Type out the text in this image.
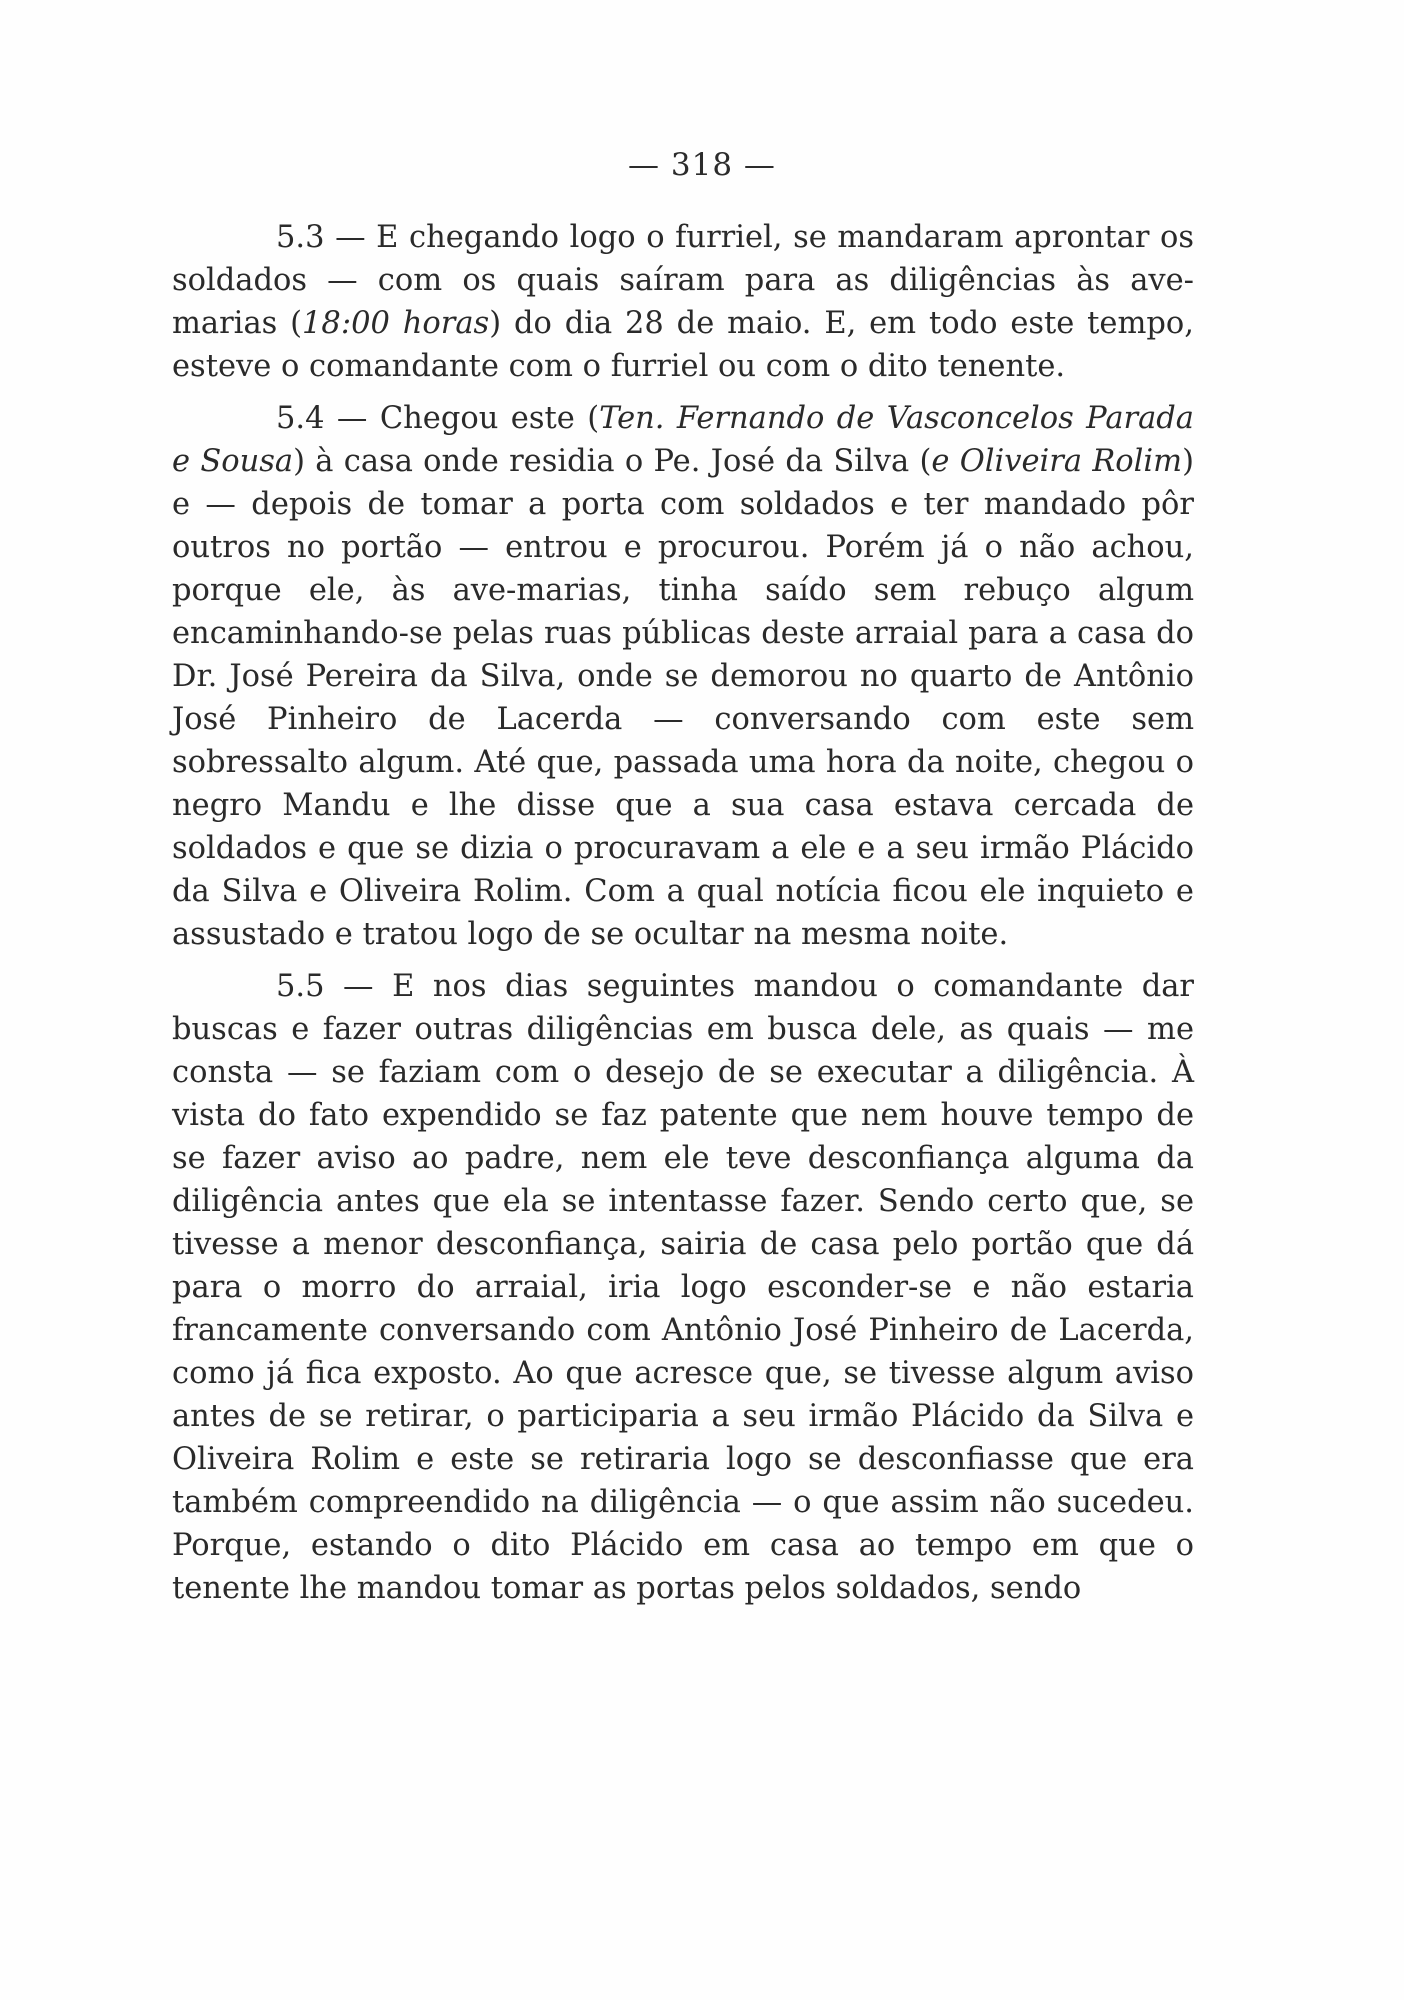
— 318 —

5.3 — E chegando logo o furriel, se mandaram aprontar os soldados — com os quais saíram para as diligências às ave-marias (18:00 horas) do dia 28 de maio. E, em todo este tempo, esteve o comandante com o furriel ou com o dito tenente.

5.4 — Chegou este (Ten. Fernando de Vasconcelos Parada e Sousa) à casa onde residia o Pe. José da Silva (e Oliveira Rolim) e — depois de tomar a porta com soldados e ter mandado pôr outros no portão — entrou e procurou. Porém já o não achou, porque ele, às ave-marias, tinha saído sem rebuço algum encaminhando-se pelas ruas públicas deste arraial para a casa do Dr. José Pereira da Silva, onde se demorou no quarto de Antônio José Pinheiro de Lacerda — conversando com este sem sobressalto algum. Até que, passada uma hora da noite, chegou o negro Mandu e lhe disse que a sua casa estava cercada de soldados e que se dizia o procuravam a ele e a seu irmão Plácido da Silva e Oliveira Rolim. Com a qual notícia ficou ele inquieto e assustado e tratou logo de se ocultar na mesma noite.

5.5 — E nos dias seguintes mandou o comandante dar buscas e fazer outras diligências em busca dele, as quais — me consta — se faziam com o desejo de se executar a diligência. À vista do fato expendido se faz patente que nem houve tempo de se fazer aviso ao padre, nem ele teve desconfiança alguma da diligência antes que ela se intentasse fazer. Sendo certo que, se tivesse a menor desconfiança, sairia de casa pelo portão que dá para o morro do arraial, iria logo esconder-se e não estaria francamente conversando com Antônio José Pinheiro de Lacerda, como já fica exposto. Ao que acresce que, se tivesse algum aviso antes de se retirar, o participaria a seu irmão Plácido da Silva e Oliveira Rolim e este se retiraria logo se desconfiasse que era também compreendido na diligência — o que assim não sucedeu. Porque, estando o dito Plácido em casa ao tempo em que o tenente lhe mandou tomar as portas pelos soldados, sendo
